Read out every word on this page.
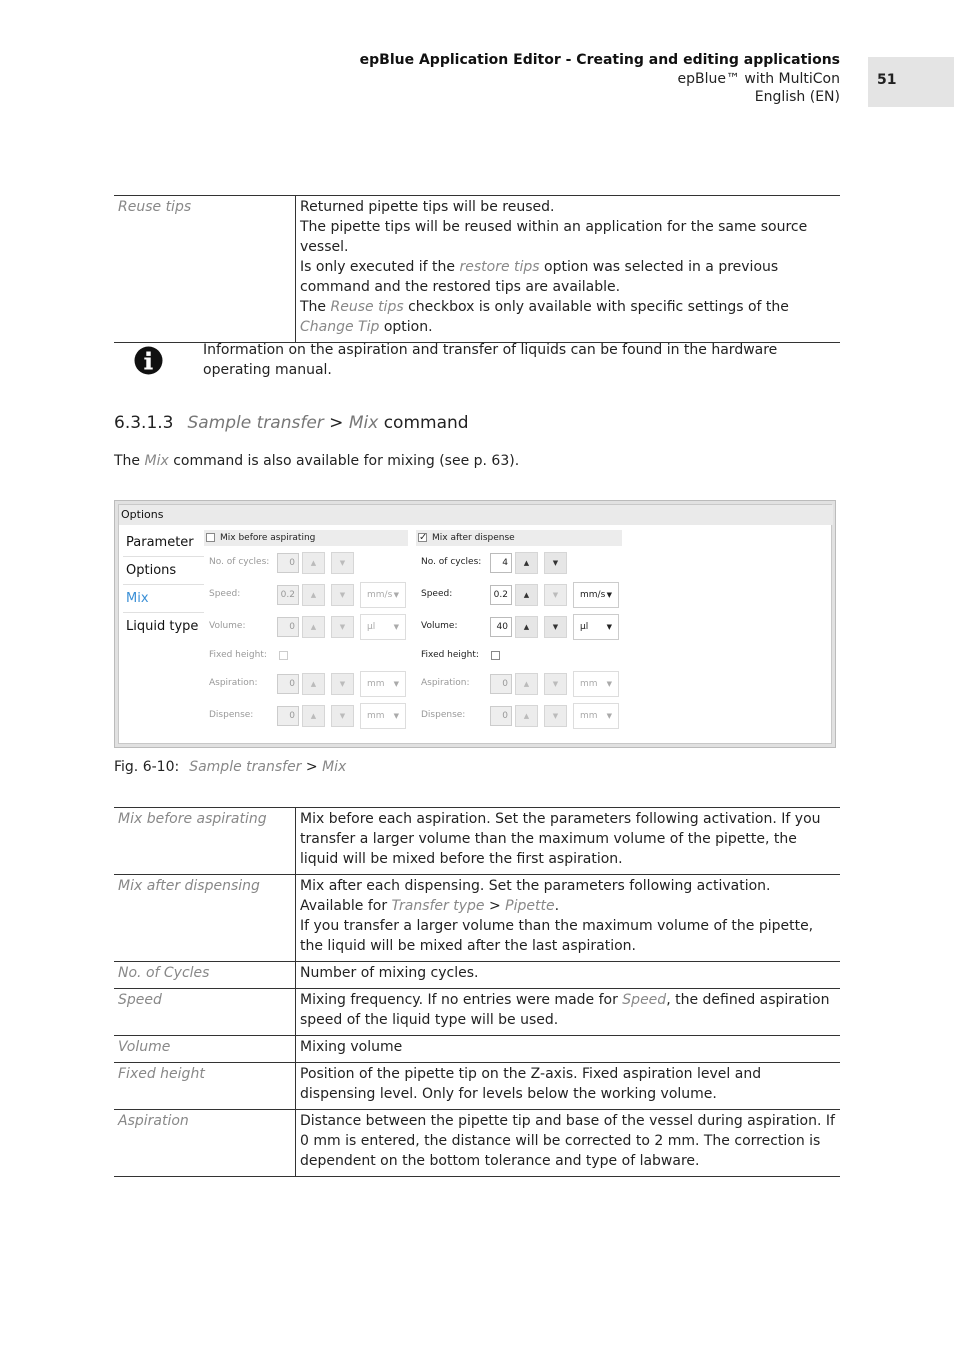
epBlue Application Editor - Creating and editing applications
epBlue™ with MultiCon
English (EN)
51
Reuse tips	Returned pipette tips will be reused.
The pipette tips will be reused within an application for the same source vessel.
Is only executed if the restore tips option was selected in a previous command and the restored tips are available.
The Reuse tips checkbox is only available with specific settings of the Change Tip option.
Information on the aspiration and transfer of liquids can be found in the hardware operating manual.
6.3.1.3 Sample transfer > Mix command
The Mix command is also available for mixing (see p. 63).
Options
Parameter
Options
Mix
Liquid type
Mix before aspirating
No. of cycles:	0	▲	▼
Speed:	0.2	▲	▼	mm/s ▼
Volume:	0	▲	▼	µl	▼
Fixed height:
Aspiration:	0	▲	▼	mm ▼
Dispense:	0	▲	▼	mm ▼
✓
Mix after dispense
No. of cycles:	4	▲	▼
Speed:	0.2	▲	▼	mm/s ▼
Volume:	40	▲	▼	µl	▼
Fixed height:
Aspiration:	0	▲	▼	mm ▼
Dispense:	0	▲	▼	mm ▼
Fig. 6-10: Sample transfer > Mix
Mix before aspirating	Mix before each aspiration. Set the parameters following activation. If you transfer a larger volume than the maximum volume of the pipette, the liquid will be mixed before the first aspiration.
Mix after dispensing	Mix after each dispensing. Set the parameters following activation. Available for Transfer type > Pipette.
If you transfer a larger volume than the maximum volume of the pipette, the liquid will be mixed after the last aspiration.

No. of Cycles	Number of mixing cycles.
Speed	Mixing frequency. If no entries were made for Speed, the defined aspiration speed of the liquid type will be used.
Volume	Mixing volume
Fixed height	Position of the pipette tip on the Z-axis. Fixed aspiration level and dispensing level. Only for levels below the working volume.
Aspiration	Distance between the pipette tip and base of the vessel during aspiration. If 0 mm is entered, the distance will be corrected to 2 mm. The correction is dependent on the bottom tolerance and type of labware.
